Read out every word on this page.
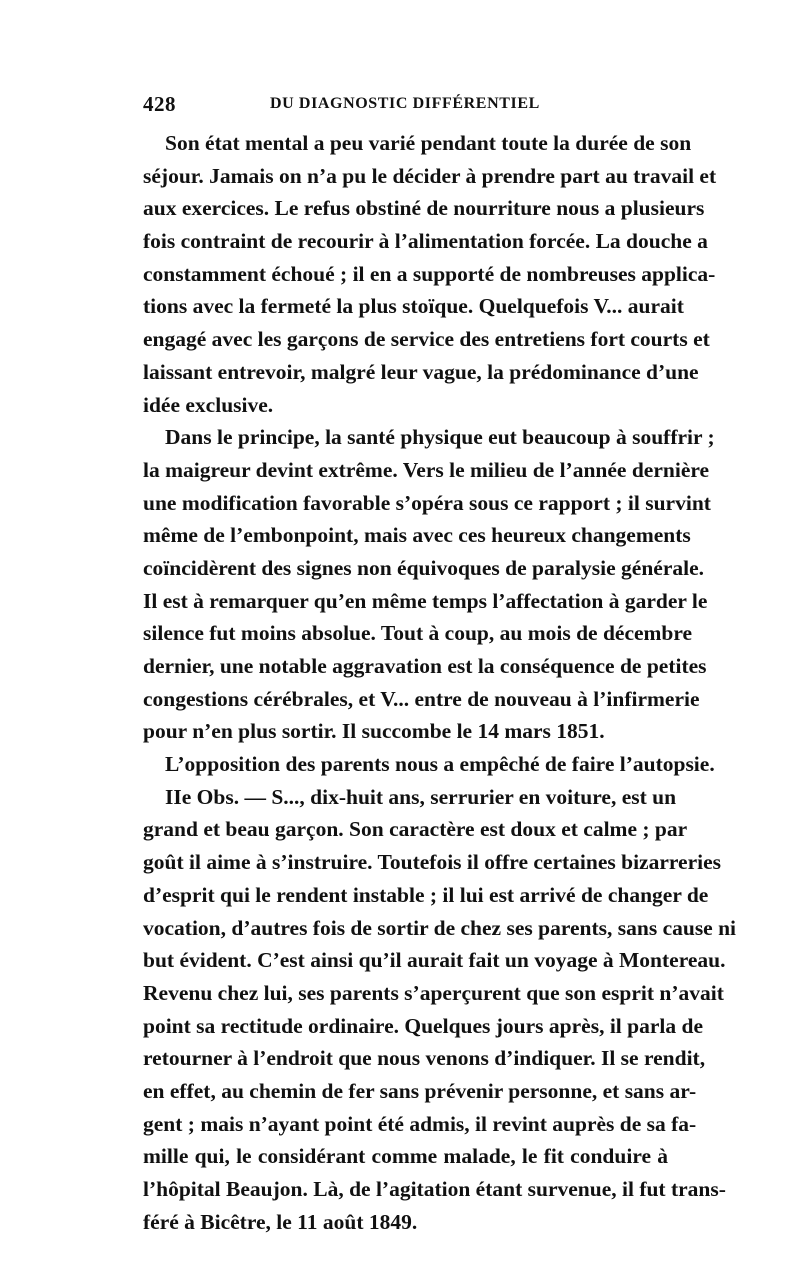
428	DU DIAGNOSTIC DIFFÉRENTIEL
Son état mental a peu varié pendant toute la durée de son
séjour. Jamais on n’a pu le décider à prendre part au travail et
aux exercices. Le refus obstiné de nourriture nous a plusieurs
fois contraint de recourir à l’alimentation forcée. La douche a
constamment échoué ; il en a supporté de nombreuses applica-
tions avec la fermeté la plus stoïque. Quelquefois V... aurait
engagé avec les garçons de service des entretiens fort courts et
laissant entrevoir, malgré leur vague, la prédominance d’une
idée exclusive.
Dans le principe, la santé physique eut beaucoup à souffrir ;
la maigreur devint extrême. Vers le milieu de l’année dernière
une modification favorable s’opéra sous ce rapport ; il survint
même de l’embonpoint, mais avec ces heureux changements
coïncidèrent des signes non équivoques de paralysie générale.
Il est à remarquer qu’en même temps l’affectation à garder le
silence fut moins absolue. Tout à coup, au mois de décembre
dernier, une notable aggravation est la conséquence de petites
congestions cérébrales, et V... entre de nouveau à l’infirmerie
pour n’en plus sortir. Il succombe le 14 mars 1851.
L’opposition des parents nous a empêché de faire l’autopsie.
IIe Obs. — S..., dix-huit ans, serrurier en voiture, est un
grand et beau garçon. Son caractère est doux et calme ; par
goût il aime à s’instruire. Toutefois il offre certaines bizarreries
d’esprit qui le rendent instable ; il lui est arrivé de changer de
vocation, d’autres fois de sortir de chez ses parents, sans cause ni
but évident. C’est ainsi qu’il aurait fait un voyage à Montereau.
Revenu chez lui, ses parents s’aperçurent que son esprit n’avait
point sa rectitude ordinaire. Quelques jours après, il parla de
retourner à l’endroit que nous venons d’indiquer. Il se rendit,
en effet, au chemin de fer sans prévenir personne, et sans ar-
gent ; mais n’ayant point été admis, il revint auprès de sa fa-
mille qui, le considérant comme malade, le fit conduire à
l’hôpital Beaujon. Là, de l’agitation étant survenue, il fut trans-
féré à Bicêtre, le 11 août 1849.
